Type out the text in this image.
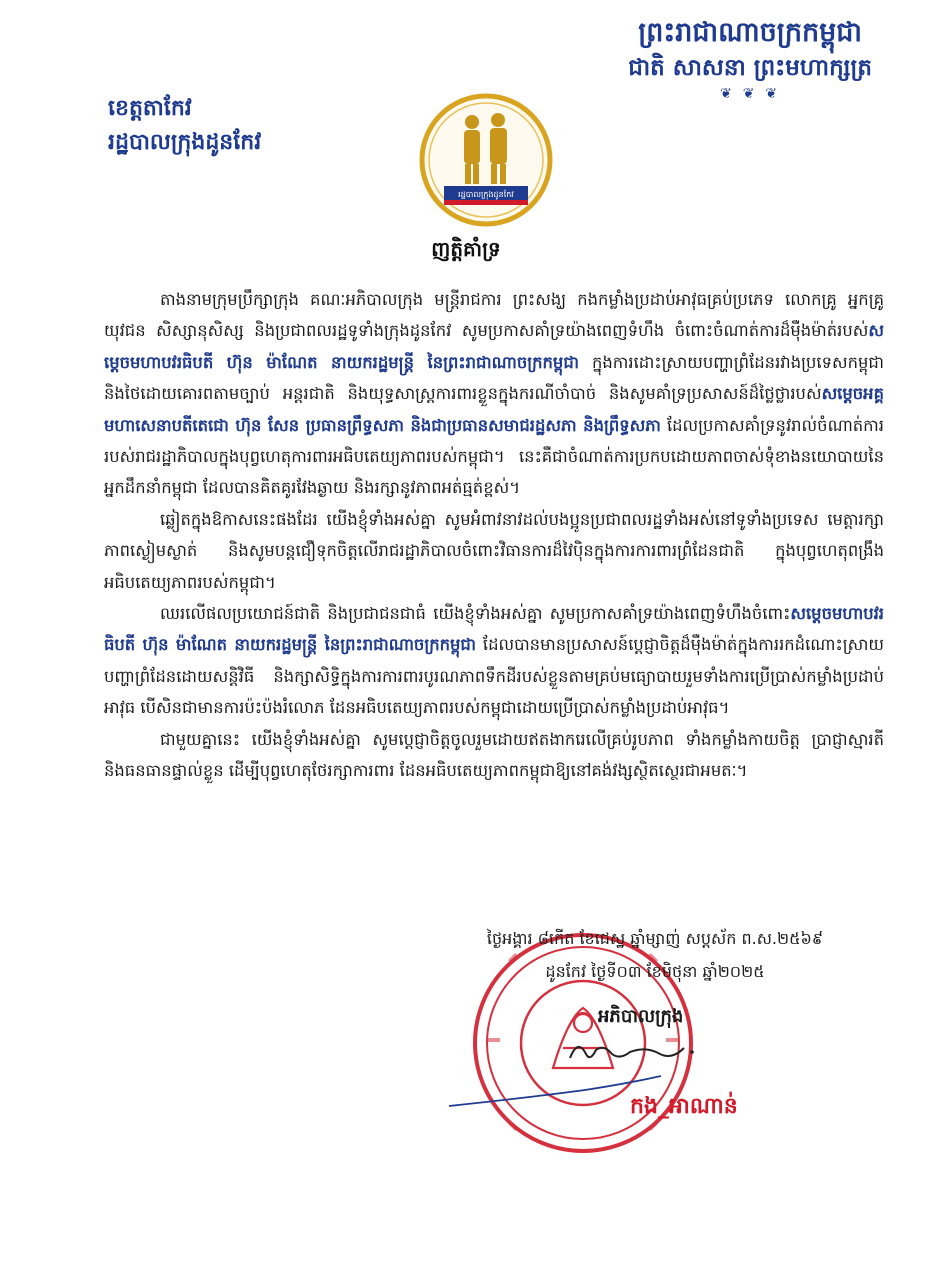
ព្រះរាជាណាចក្រកម្ពុជា
ជាតិ សាសនា ព្រះមហាក្សត្រ
❦ ❦ ❦
ខេត្តតាកែវ
រដ្ឋបាលក្រុងដូនកែវ
រដ្ឋបាលក្រុងដូនកែវ
ញត្តិគាំទ្រ

តាងនាមក្រុមប្រឹក្សាក្រុង គណៈអភិបាលក្រុង មន្ត្រីរាជការ ព្រះសង្ឃ កងកម្លាំងប្រដាប់អាវុធគ្រប់ប្រភេទ លោកគ្រូ អ្នកគ្រូ យុវជន សិស្សានុសិស្ស និងប្រជាពលរដ្ឋទូទាំងក្រុងដូនកែវ សូមប្រកាសគាំទ្រយ៉ាងពេញទំហឹង ចំពោះចំណាត់ការដ៏ម៉ឺងម៉ាត់របស់សម្តេចមហាបវរធិបតី ហ៊ុន ម៉ាណែត នាយករដ្ឋមន្ត្រី នៃព្រះរាជាណាចក្រកម្ពុជា ក្នុងការដោះស្រាយបញ្ហាព្រំដែនរវាងប្រទេសកម្ពុជា និងថៃដោយគោរពតាមច្បាប់ អន្តរជាតិ និងយុទ្ធសាស្ត្រការពារខ្លួនក្នុងករណីចាំបាច់ និងសូមគាំទ្រប្រសាសន៍ដ៏ថ្លៃថ្លារបស់សម្តេចអគ្គមហាសេនាបតីតេជោ ហ៊ុន សែន ប្រធានព្រឹទ្ធសភា និងជាប្រធានសមាជរដ្ឋសភា និងព្រឹទ្ធសភា ដែលប្រកាសគាំទ្រនូវរាល់ចំណាត់ការរបស់រាជរដ្ឋាភិបាលក្នុងបុព្វហេតុការពារអធិបតេយ្យភាពរបស់កម្ពុជា។ នេះគឺជាចំណាត់ការប្រកបដោយភាពចាស់ទុំខាងនយោបាយនៃអ្នកដឹកនាំកម្ពុជា ដែលបានគិតគូរវែងឆ្ងាយ និងរក្សានូវភាពអត់ធ្មត់ខ្ពស់។

ឆ្លៀតក្នុងឱកាសនេះផងដែរ យើងខ្ញុំទាំងអស់គ្នា សូមអំពាវនាវដល់បងប្អូនប្រជាពលរដ្ឋទាំងអស់នៅទូទាំងប្រទេស មេត្តារក្សាភាពស្ងៀមស្ងាត់ និងសូមបន្តជឿទុកចិត្តលើរាជរដ្ឋាភិបាលចំពោះវិធានការដ៏វៃប៉ិនក្នុងការការពារព្រំដែនជាតិ ក្នុងបុព្វហេតុពង្រឹងអធិបតេយ្យភាពរបស់កម្ពុជា។

ឈរលើផលប្រយោជន៍ជាតិ និងប្រជាជនជាធំ យើងខ្ញុំទាំងអស់គ្នា សូមប្រកាសគាំទ្រយ៉ាងពេញទំហឹងចំពោះសម្តេចមហាបវរធិបតី ហ៊ុន ម៉ាណែត នាយករដ្ឋមន្ត្រី នៃព្រះរាជាណាចក្រកម្ពុជា ដែលបានមានប្រសាសន៍ប្តេជ្ញាចិត្តដ៏ម៉ឺងម៉ាត់ក្នុងការរកដំណោះស្រាយបញ្ហាព្រំដែនដោយសន្តិវិធី និងក្សាសិទ្ធិក្នុងការការពារបូរណភាពទឹកដីរបស់ខ្លួនតាមគ្រប់មធ្យោបាយរួមទាំងការប្រើប្រាស់កម្លាំងប្រដាប់អាវុធ បើសិនជាមានការប៉ះប៉ងរំលោភ ដែនអធិបតេយ្យភាពរបស់កម្ពុជាដោយប្រើប្រាស់កម្លាំងប្រដាប់អាវុធ។

ជាមួយគ្នានេះ យើងខ្ញុំទាំងអស់គ្នា សូមប្តេជ្ញាចិត្តចូលរួមដោយឥតងាករេលើគ្រប់រូបភាព ទាំងកម្លាំងកាយចិត្ត ប្រាជ្ញាស្មារតី និងធនធានផ្ទាល់ខ្លួន ដើម្បីបុព្វហេតុថែរក្សាការពារ ដែនអធិបតេយ្យភាពកម្ពុជាឱ្យនៅគង់វង្សស្ថិតស្ថេរជាអមតៈ។

ថ្ងៃអង្គារ ៨កើត ខែជេស្ឋ ឆ្នាំម្សាញ់ សប្តស័ក ព.ស.២៥៦៩
ដូនកែវ ថ្ងៃទី០៣ ខែមិថុនា ឆ្នាំ២០២៥
អភិបាលក្រុង
កង_អាណាន់
